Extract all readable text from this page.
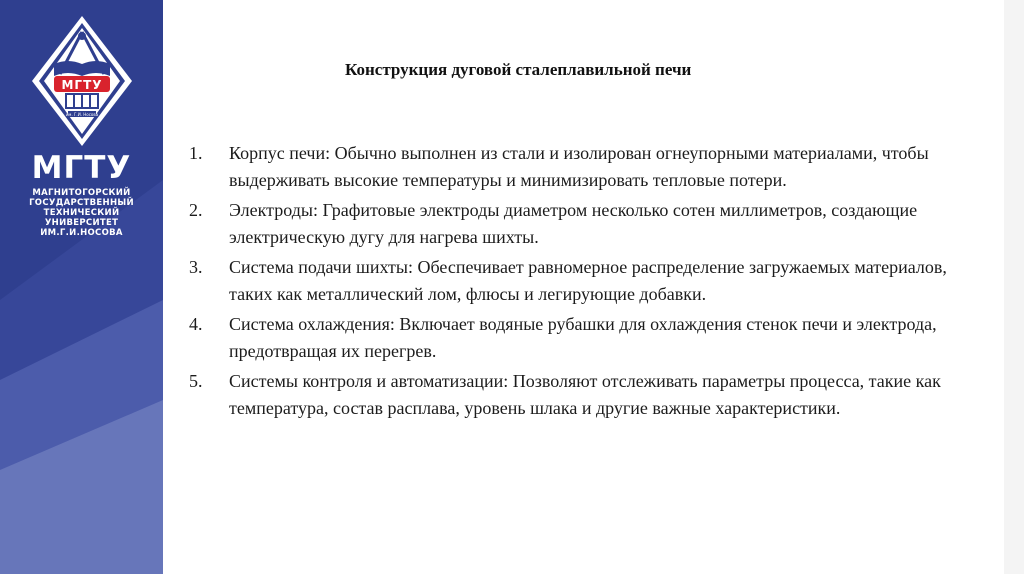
МГТУ
им. Г.И. Носова
МГТУ
МАГНИТОГОРСКИЙ
ГОСУДАРСТВЕННЫЙ
ТЕХНИЧЕСКИЙ
УНИВЕРСИТЕТ
ИМ.Г.И.НОСОВА
Конструкция дуговой сталеплавильной печи
1. Корпус печи: Обычно выполнен из стали и изолирован огнеупорными материалами, чтобы выдерживать высокие температуры и минимизировать тепловые потери.
2. Электроды: Графитовые электроды диаметром несколько сотен миллиметров, создающие электрическую дугу для нагрева шихты.
3. Система подачи шихты: Обеспечивает равномерное распределение загружаемых материалов, таких как металлический лом, флюсы и легирующие добавки.
4. Система охлаждения: Включает водяные рубашки для охлаждения стенок печи и электрода, предотвращая их перегрев.
5. Системы контроля и автоматизации: Позволяют отслеживать параметры процесса, такие как температура, состав расплава, уровень шлака и другие важные характеристики.
